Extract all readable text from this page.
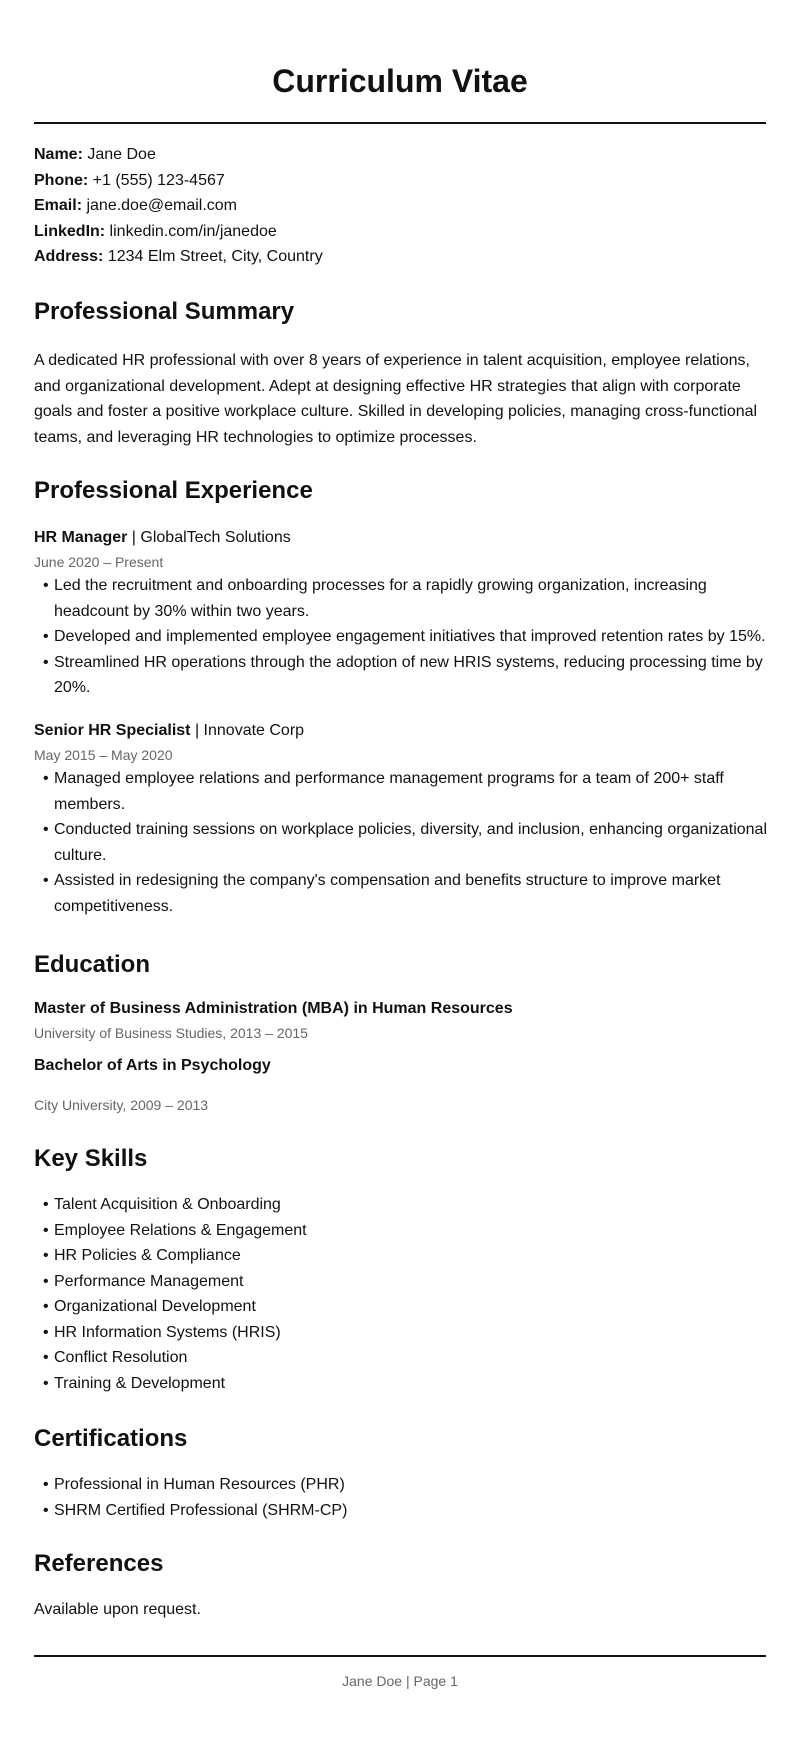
Curriculum Vitae
Name: Jane Doe
Phone: +1 (555) 123-4567
Email: jane.doe@email.com
LinkedIn: linkedin.com/in/janedoe
Address: 1234 Elm Street, City, Country
Professional Summary
A dedicated HR professional with over 8 years of experience in talent acquisition, employee relations, and organizational development. Adept at designing effective HR strategies that align with corporate goals and foster a positive workplace culture. Skilled in developing policies, managing cross-functional teams, and leveraging HR technologies to optimize processes.
Professional Experience
HR Manager | GlobalTech Solutions
June 2020 – Present
• Led the recruitment and onboarding processes for a rapidly growing organization, increasing headcount by 30% within two years.
• Developed and implemented employee engagement initiatives that improved retention rates by 15%.
• Streamlined HR operations through the adoption of new HRIS systems, reducing processing time by 20%.
Senior HR Specialist | Innovate Corp
May 2015 – May 2020
• Managed employee relations and performance management programs for a team of 200+ staff members.
• Conducted training sessions on workplace policies, diversity, and inclusion, enhancing organizational culture.
• Assisted in redesigning the company's compensation and benefits structure to improve market competitiveness.
Education
Master of Business Administration (MBA) in Human Resources
University of Business Studies, 2013 – 2015
Bachelor of Arts in Psychology
City University, 2009 – 2013
Key Skills
• Talent Acquisition & Onboarding
• Employee Relations & Engagement
• HR Policies & Compliance
• Performance Management
• Organizational Development
• HR Information Systems (HRIS)
• Conflict Resolution
• Training & Development
Certifications
• Professional in Human Resources (PHR)
• SHRM Certified Professional (SHRM-CP)
References
Available upon request.
Jane Doe | Page 1
